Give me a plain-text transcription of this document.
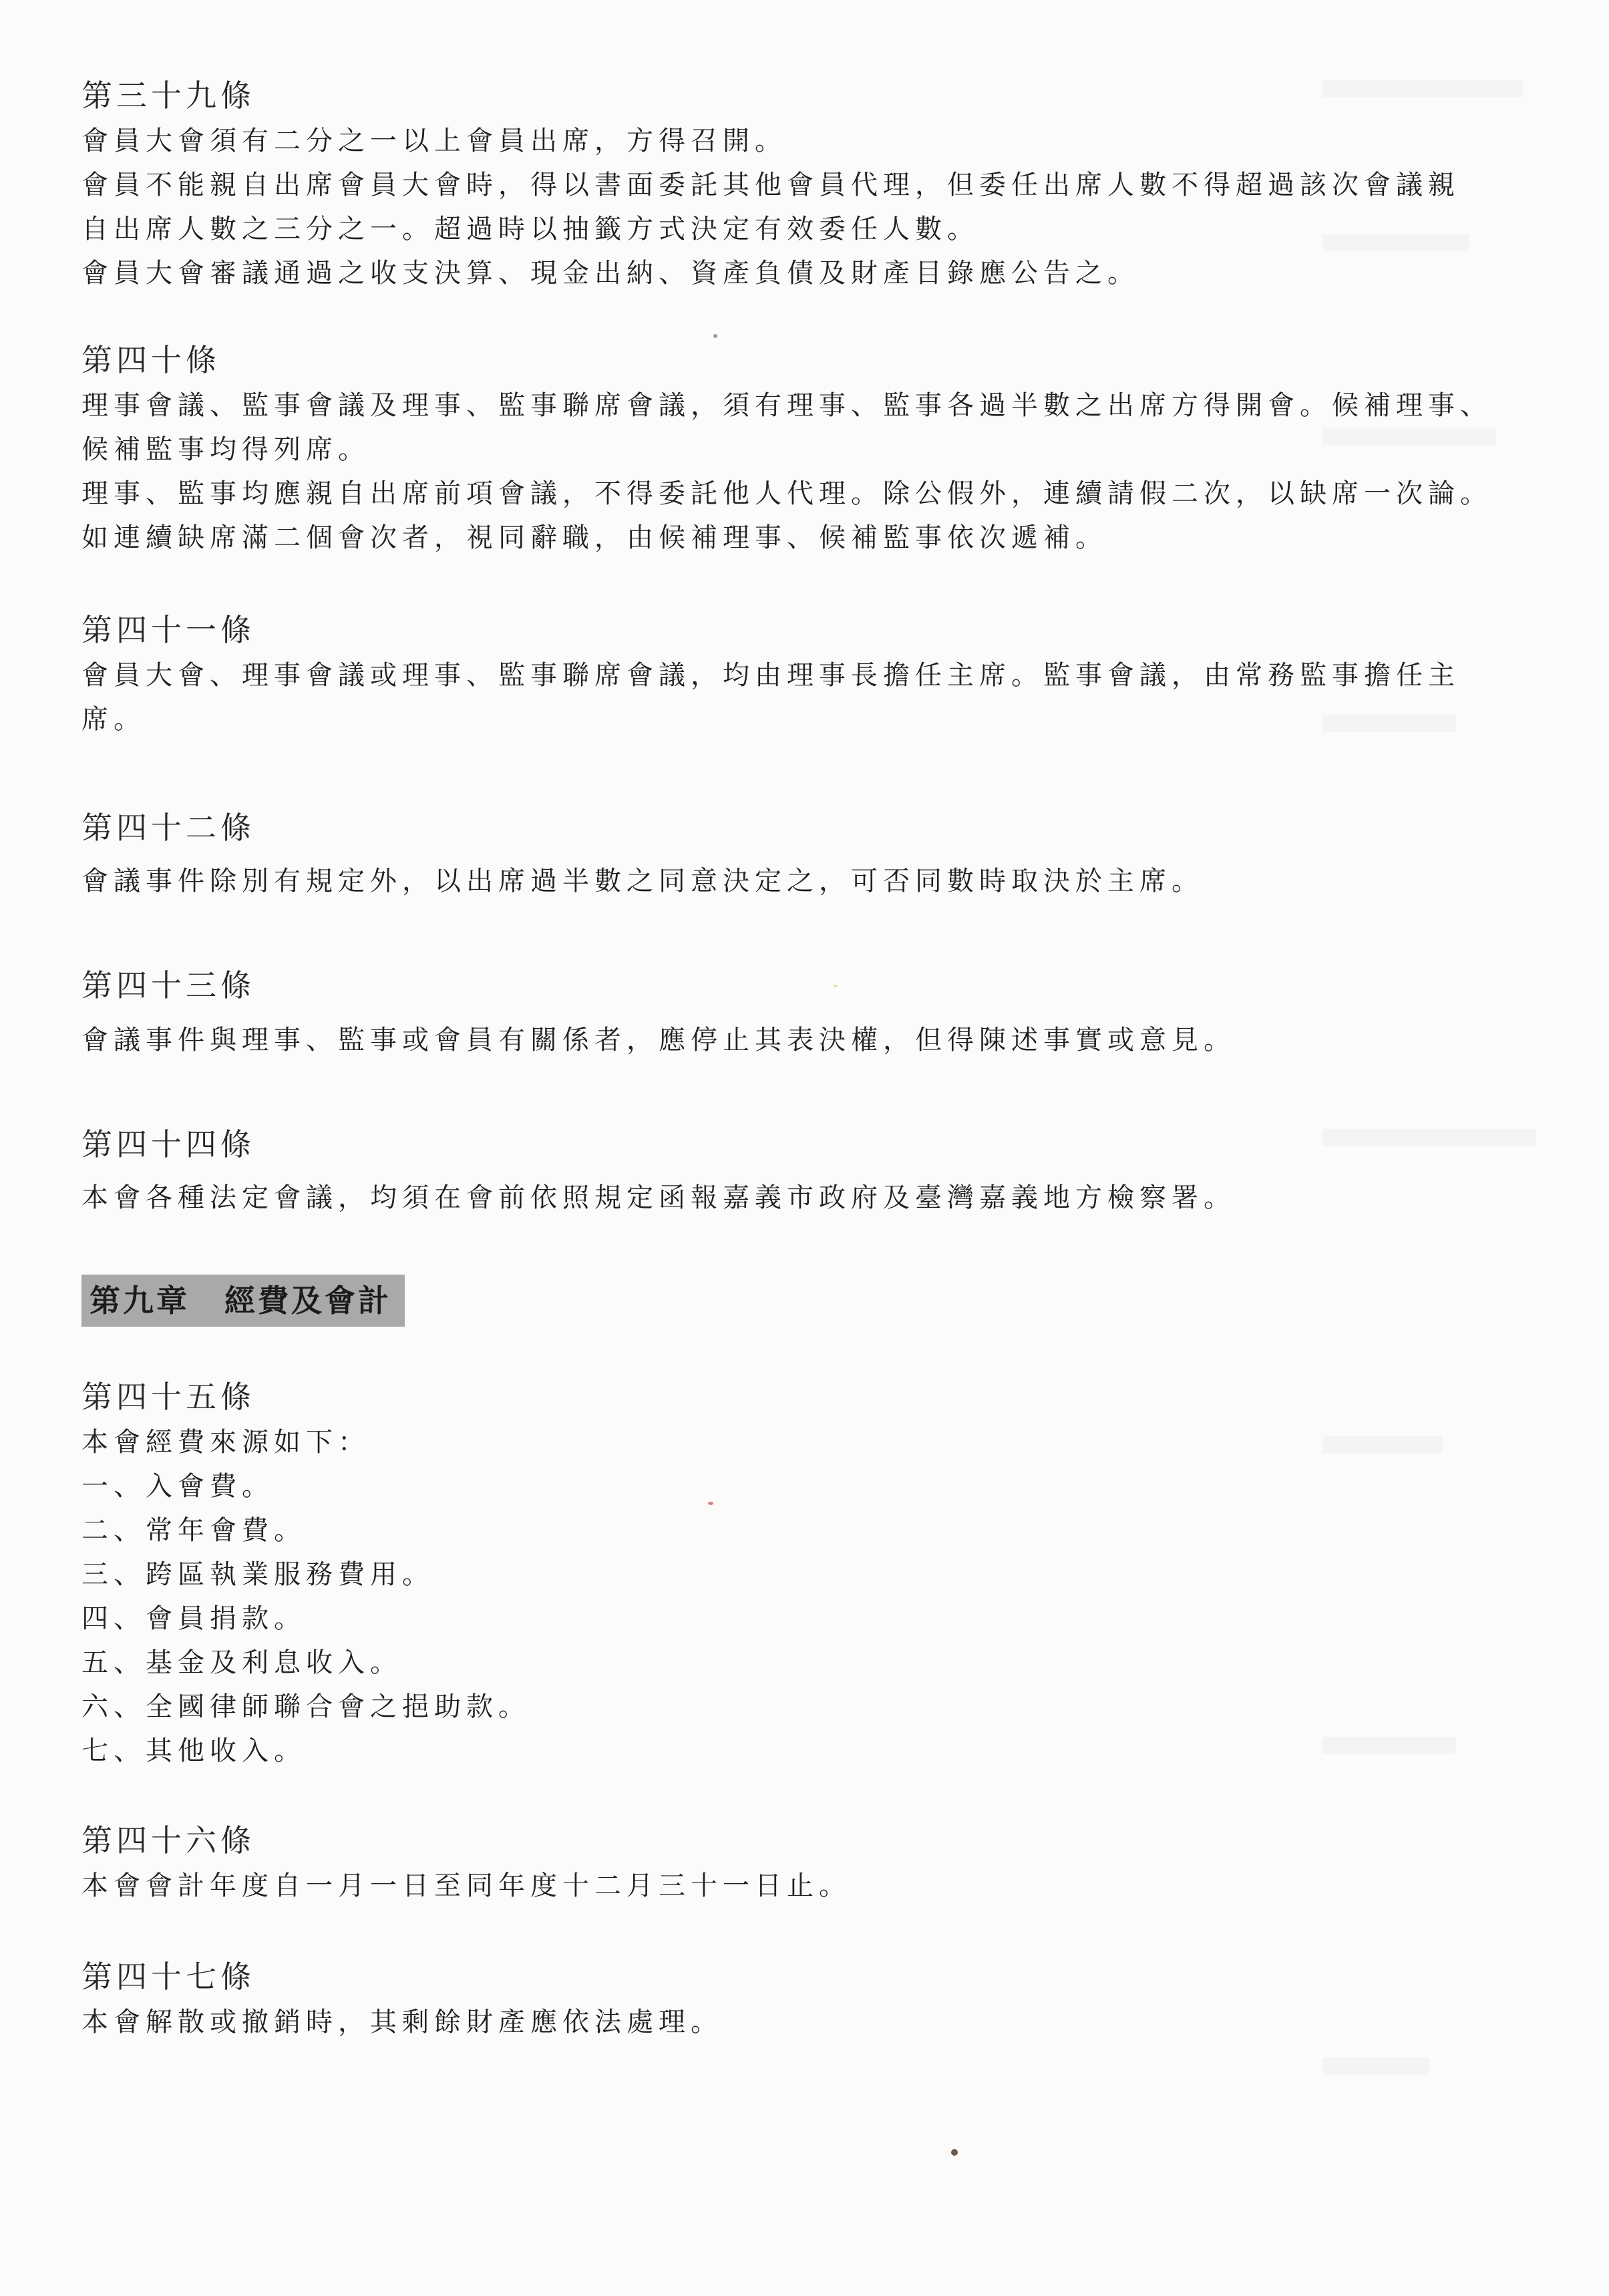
第三十九條
會員大會須有二分之一以上會員出席，方得召開。
會員不能親自出席會員大會時，得以書面委託其他會員代理，但委任出席人數不得超過該次會議親
自出席人數之三分之一。超過時以抽籤方式決定有效委任人數。
會員大會審議通過之收支決算、現金出納、資產負債及財產目錄應公告之。
第四十條
理事會議、監事會議及理事、監事聯席會議，須有理事、監事各過半數之出席方得開會。候補理事、
候補監事均得列席。
理事、監事均應親自出席前項會議，不得委託他人代理。除公假外，連續請假二次，以缺席一次論。
如連續缺席滿二個會次者，視同辭職，由候補理事、候補監事依次遞補。
第四十一條
會員大會、理事會議或理事、監事聯席會議，均由理事長擔任主席。監事會議，由常務監事擔任主
席。
第四十二條
會議事件除別有規定外，以出席過半數之同意決定之，可否同數時取決於主席。
第四十三條
會議事件與理事、監事或會員有關係者，應停止其表決權，但得陳述事實或意見。
第四十四條
本會各種法定會議，均須在會前依照規定函報嘉義市政府及臺灣嘉義地方檢察署。
第九章 經費及會計
第四十五條
本會經費來源如下：
一、入會費。
二、常年會費。
三、跨區執業服務費用。
四、會員捐款。
五、基金及利息收入。
六、全國律師聯合會之挹助款。
七、其他收入。
第四十六條
本會會計年度自一月一日至同年度十二月三十一日止。
第四十七條
本會解散或撤銷時，其剩餘財產應依法處理。
